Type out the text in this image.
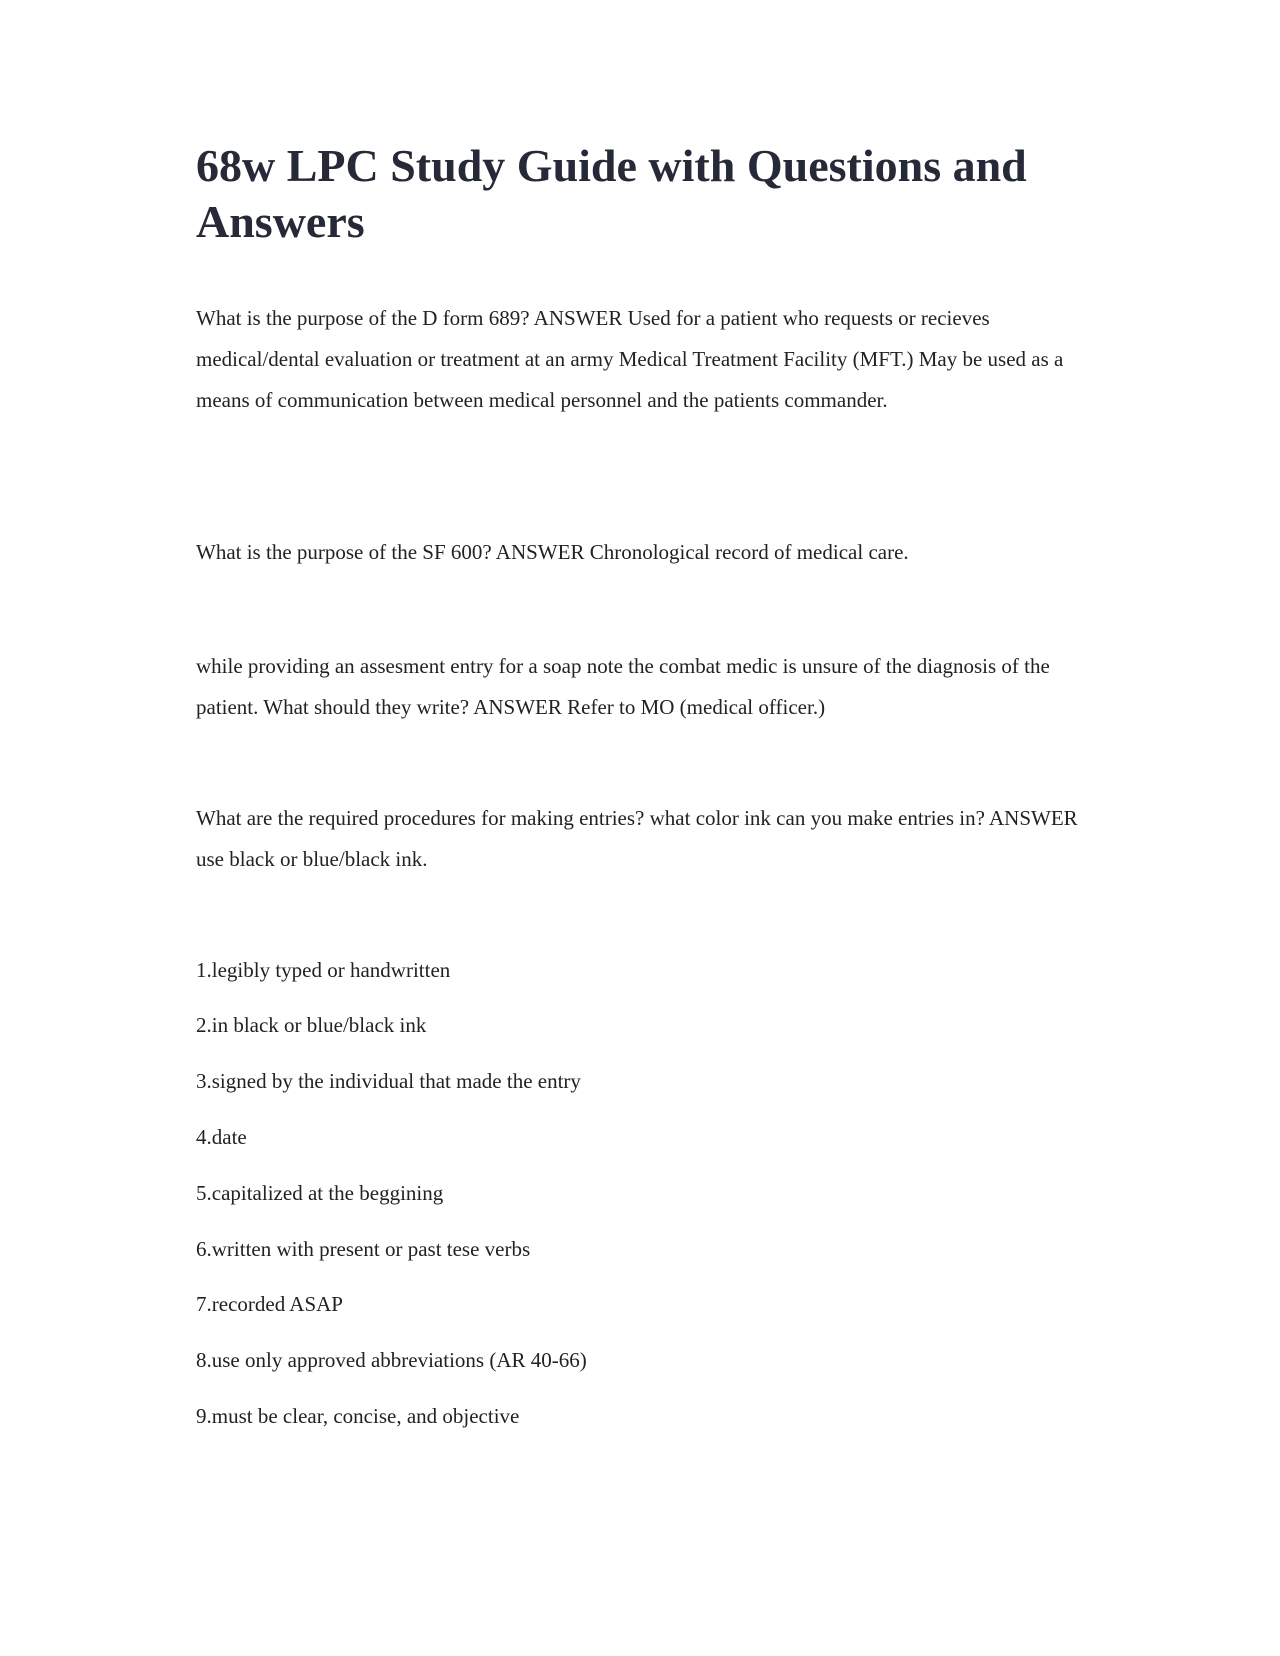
68w LPC Study Guide with Questions and Answers

What is the purpose of the D form 689? ANSWER Used for a patient who requests or recieves medical/dental evaluation or treatment at an army Medical Treatment Facility (MFT.) May be used as a means of communication between medical personnel and the patients commander.

What is the purpose of the SF 600? ANSWER Chronological record of medical care.

while providing an assesment entry for a soap note the combat medic is unsure of the diagnosis of the patient. What should they write? ANSWER Refer to MO (medical officer.)

What are the required procedures for making entries? what color ink can you make entries in? ANSWER use black or blue/black ink.

1.legibly typed or handwritten

2.in black or blue/black ink

3.signed by the individual that made the entry

4.date

5.capitalized at the beggining

6.written with present or past tese verbs

7.recorded ASAP

8.use only approved abbreviations (AR 40-66)

9.must be clear, concise, and objective
